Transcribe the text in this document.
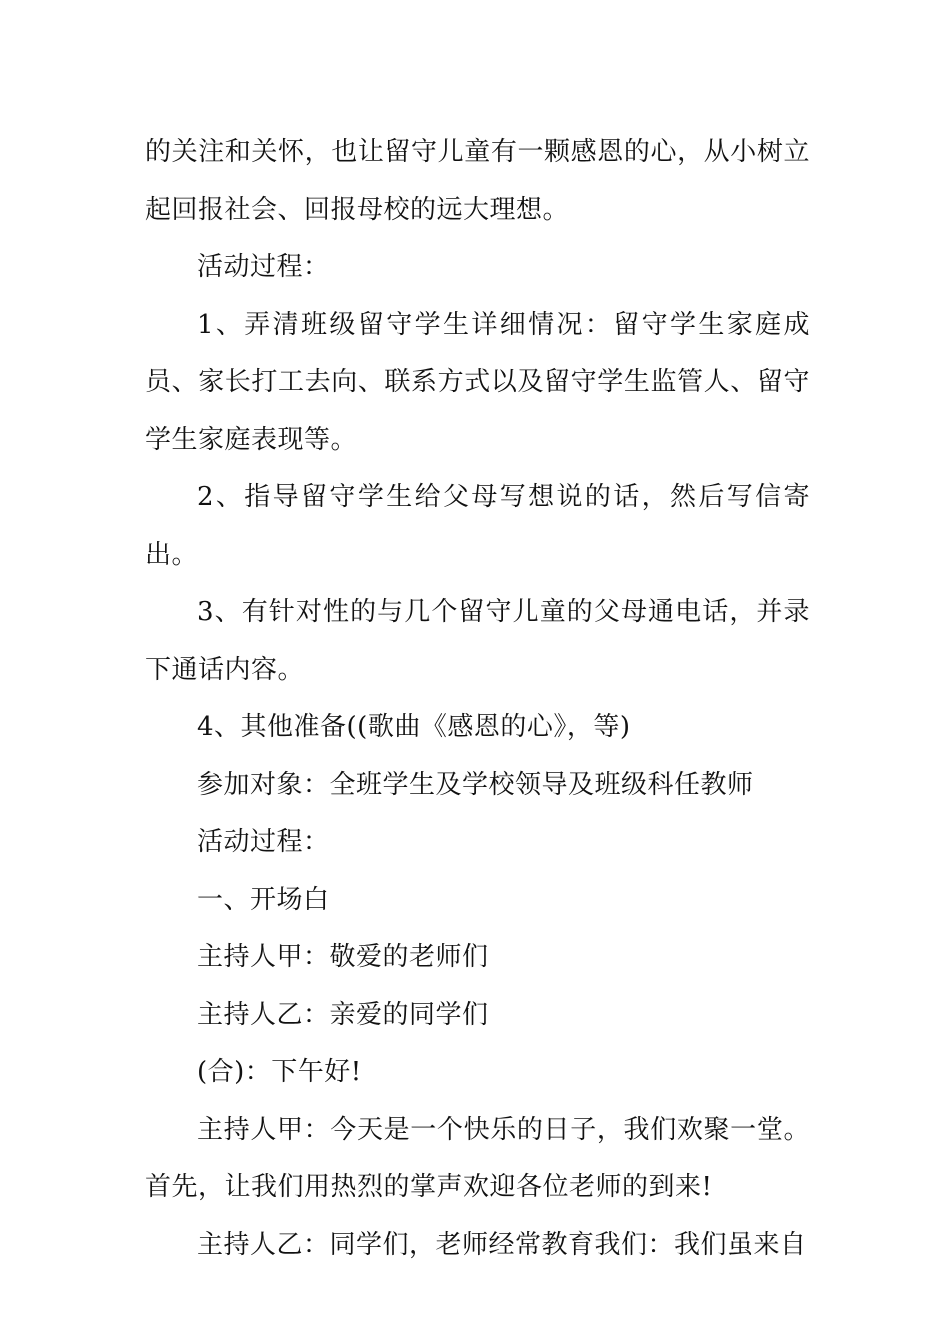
的关注和关怀，也让留守儿童有一颗感恩的心，从小树立起回报社会、回报母校的远大理想。

活动过程：

1、弄清班级留守学生详细情况：留守学生家庭成员、家长打工去向、联系方式以及留守学生监管人、留守学生家庭表现等。

2、指导留守学生给父母写想说的话，然后写信寄出。

3、有针对性的与几个留守儿童的父母通电话，并录下通话内容。

4、其他准备((歌曲《感恩的心》，等)

参加对象：全班学生及学校领导及班级科任教师

活动过程：

一、开场白

主持人甲：敬爱的老师们

主持人乙：亲爱的同学们

(合)：下午好!

主持人甲：今天是一个快乐的日子，我们欢聚一堂。首先，让我们用热烈的掌声欢迎各位老师的到来!

主持人乙：同学们，老师经常教育我们：我们虽来自
